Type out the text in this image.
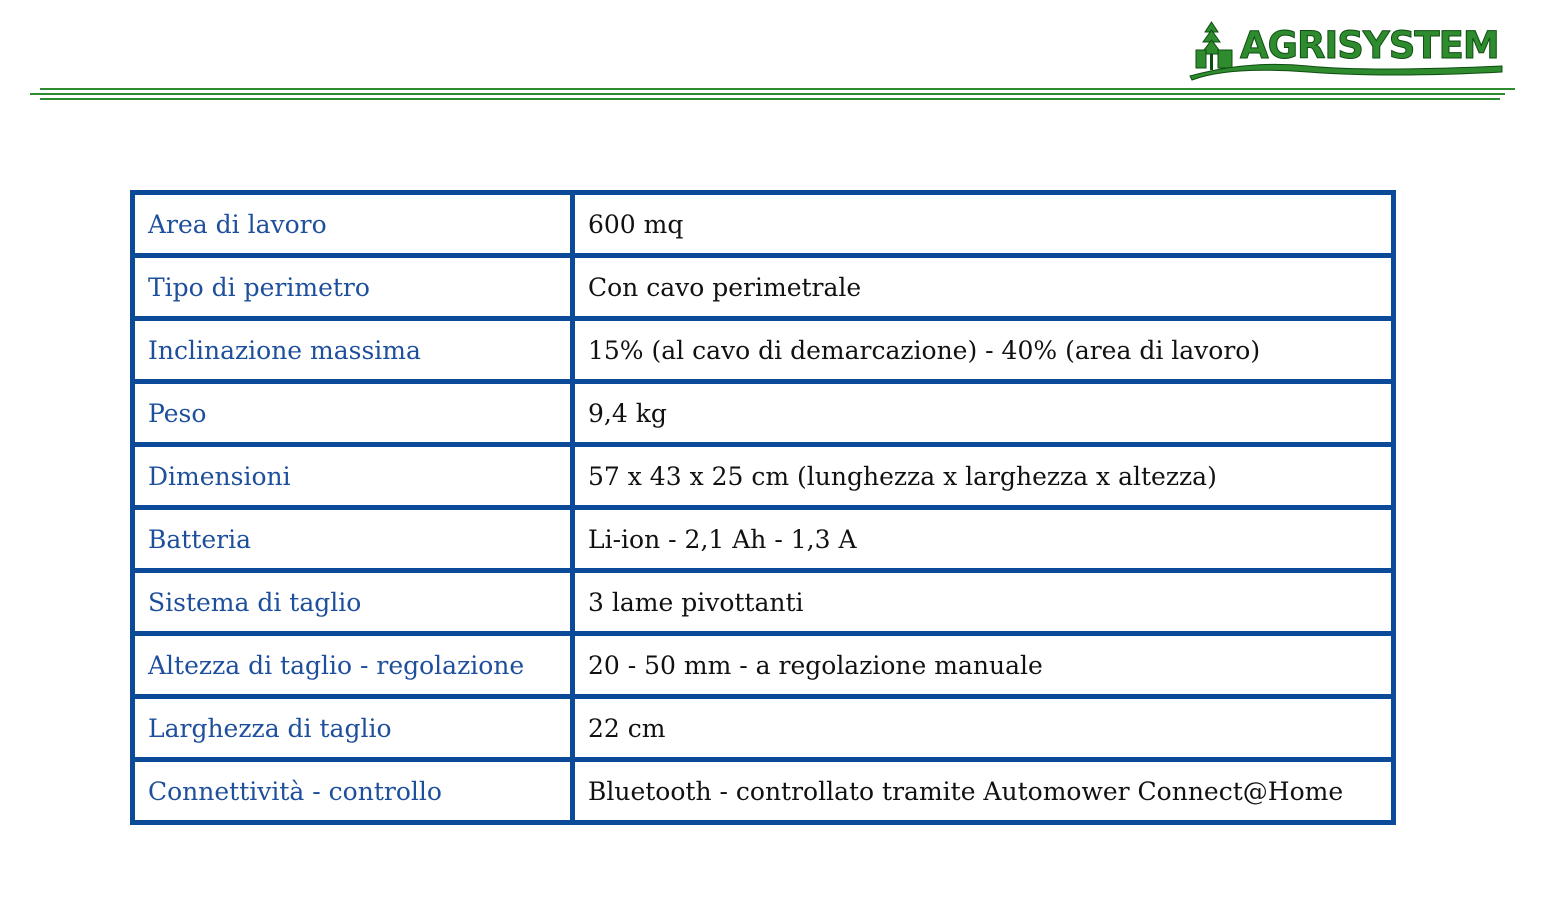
AGRISYSTEM
Area di lavoro	600 mq
Tipo di perimetro	Con cavo perimetrale
Inclinazione massima	15% (al cavo di demarcazione) - 40% (area di lavoro)
Peso	9,4 kg
Dimensioni	57 x 43 x 25 cm (lunghezza x larghezza x altezza)
Batteria	Li-ion - 2,1 Ah - 1,3 A
Sistema di taglio	3 lame pivottanti
Altezza di taglio - regolazione	20 - 50 mm - a regolazione manuale
Larghezza di taglio	22 cm
Connettività - controllo	Bluetooth - controllato tramite Automower Connect@Home
